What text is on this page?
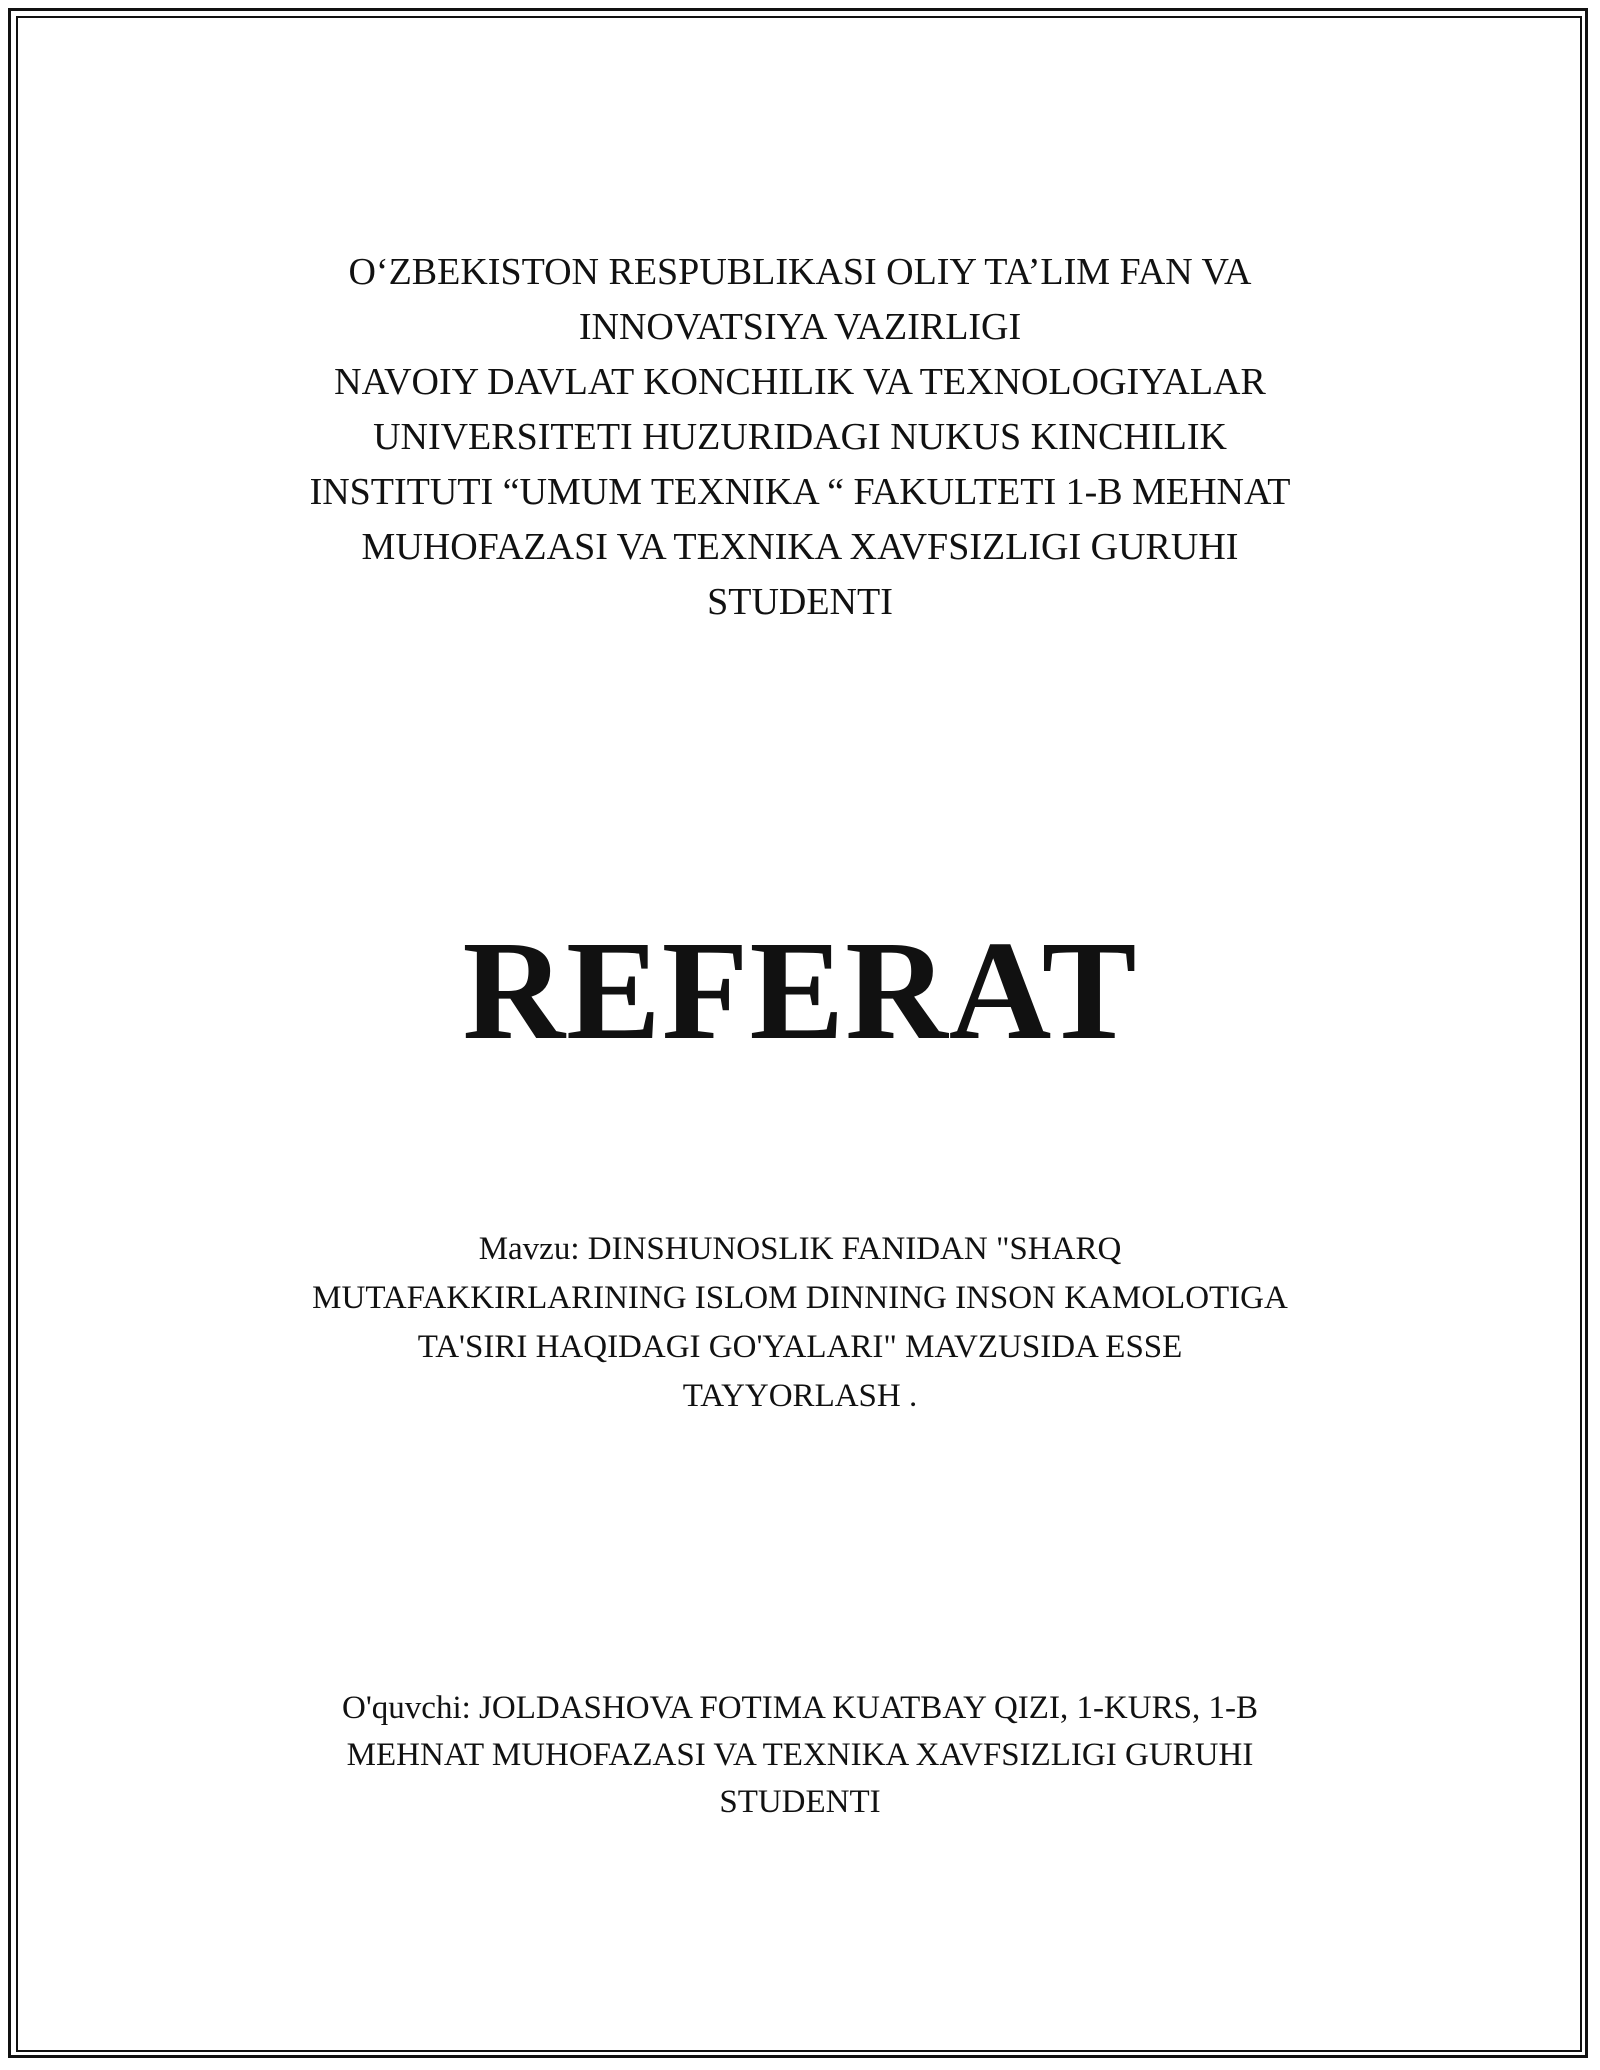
O‘ZBEKISTON RESPUBLIKASI OLIY TA’LIM FAN VA

INNOVATSIYA VAZIRLIGI

NAVOIY DAVLAT KONCHILIK VA TEXNOLOGIYALAR

UNIVERSITETI HUZURIDAGI NUKUS KINCHILIK

INSTITUTI “UMUM TEXNIKA “ FAKULTETI 1-B MEHNAT

MUHOFAZASI VA TEXNIKA XAVFSIZLIGI GURUHI

STUDENTI

REFERAT

Mavzu: DINSHUNOSLIK FANIDAN "SHARQ

MUTAFAKKIRLARINING ISLOM DINNING INSON KAMOLOTIGA

TA'SIRI HAQIDAGI GO'YALARI" MAVZUSIDA ESSE

TAYYORLASH .

O'quvchi: JOLDASHOVA FOTIMA KUATBAY QIZI, 1-KURS, 1-B

MEHNAT MUHOFAZASI VA TEXNIKA XAVFSIZLIGI GURUHI

STUDENTI
